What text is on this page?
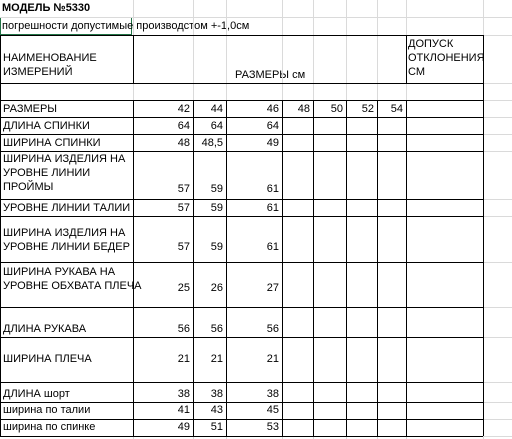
МОДЕЛЬ №5330
погрешности допустимые производстом +-1,0см
НАИМЕНОВАНИЕ
ИЗМЕРЕНИЙ	РАЗМЕРЫ см
ДОПУСК
ОТКЛОНЕНИЯ
СМ
РАЗМЕРЫ	42	44	46	48	50	52	54
ДЛИНА СПИНКИ	64	64	64
ШИРИНА СПИНКИ	48	48,5	49
ШИРИНА ИЗДЕЛИЯ НА
УРОВНЕ ЛИНИИ
ПРОЙМЫ	57	59	61
УРОВНЕ ЛИНИИ ТАЛИИ	57	59	61
ШИРИНА ИЗДЕЛИЯ НА
УРОВНЕ ЛИНИИ БЕДЕР	57	59	61
ШИРИНА РУКАВА НА
УРОВНЕ ОБХВАТА ПЛЕЧА	25	26	27
ДЛИНА РУКАВА	56	56	56
ШИРИНА ПЛЕЧА	21	21	21
ДЛИНА шорт	38	38	38
ширина по талии	41	43	45
ширина по спинке	49	51	53
